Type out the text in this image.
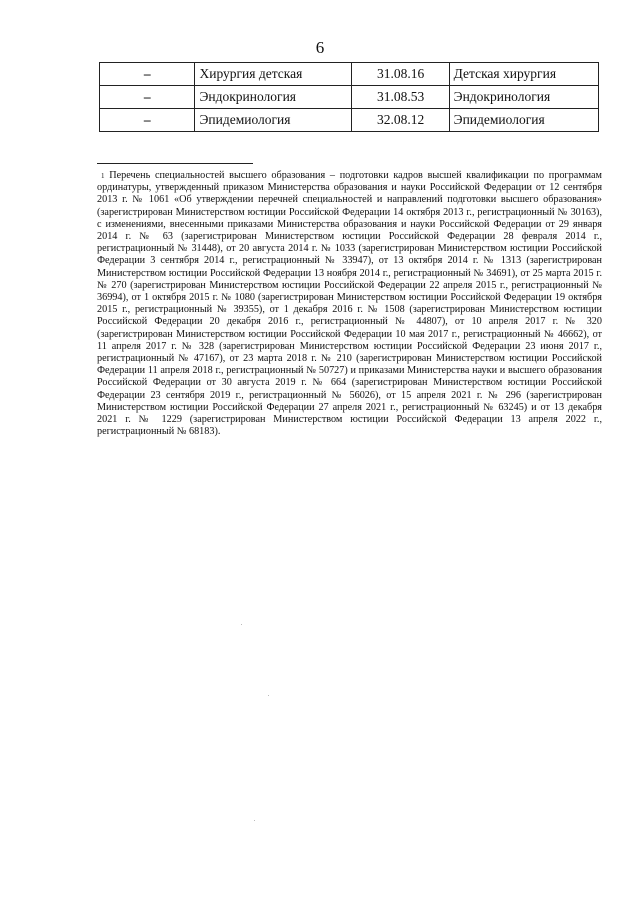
6
–	Хирургия детская	31.08.16	Детская хирургия
–	Эндокринология	31.08.53	Эндокринология
–	Эпидемиология	32.08.12	Эпидемиология
$^1$ Перечень специальностей высшего образования – подготовки кадров высшей квалификации по программам ординатуры, утвержденный приказом Министерства образования и науки Российской Федерации от 12 сентября 2013 г. № 1061 «Об утверждении перечней специальностей и направлений подготовки высшего образования» (зарегистрирован Министерством юстиции Российской Федерации 14 октября 2013 г., регистрационный № 30163), с изменениями, внесенными приказами Министерства образования и науки Российской Федерации от 29 января 2014 г. № 63 (зарегистрирован Министерством юстиции Российской Федерации 28 февраля 2014 г., регистрационный № 31448), от 20 августа 2014 г. № 1033 (зарегистрирован Министерством юстиции Российской Федерации 3 сентября 2014 г., регистрационный № 33947), от 13 октября 2014 г. № 1313 (зарегистрирован Министерством юстиции Российской Федерации 13 ноября 2014 г., регистрационный № 34691), от 25 марта 2015 г. № 270 (зарегистрирован Министерством юстиции Российской Федерации 22 апреля 2015 г., регистрационный № 36994), от 1 октября 2015 г. № 1080 (зарегистрирован Министерством юстиции Российской Федерации 19 октября 2015 г., регистрационный № 39355), от 1 декабря 2016 г. № 1508 (зарегистрирован Министерством юстиции Российской Федерации 20 декабря 2016 г., регистрационный № 44807), от 10 апреля 2017 г. № 320 (зарегистрирован Министерством юстиции Российской Федерации 10 мая 2017 г., регистрационный № 46662), от 11 апреля 2017 г. № 328 (зарегистрирован Министерством юстиции Российской Федерации 23 июня 2017 г., регистрационный № 47167), от 23 марта 2018 г. № 210 (зарегистрирован Министерством юстиции Российской Федерации 11 апреля 2018 г., регистрационный № 50727) и приказами Министерства науки и высшего образования Российской Федерации от 30 августа 2019 г. № 664 (зарегистрирован Министерством юстиции Российской Федерации 23 сентября 2019 г., регистрационный № 56026), от 15 апреля 2021 г. № 296 (зарегистрирован Министерством юстиции Российской Федерации 27 апреля 2021 г., регистрационный № 63245) и от 13 декабря 2021 г. № 1229 (зарегистрирован Министерством юстиции Российской Федерации 13 апреля 2022 г., регистрационный № 68183).
